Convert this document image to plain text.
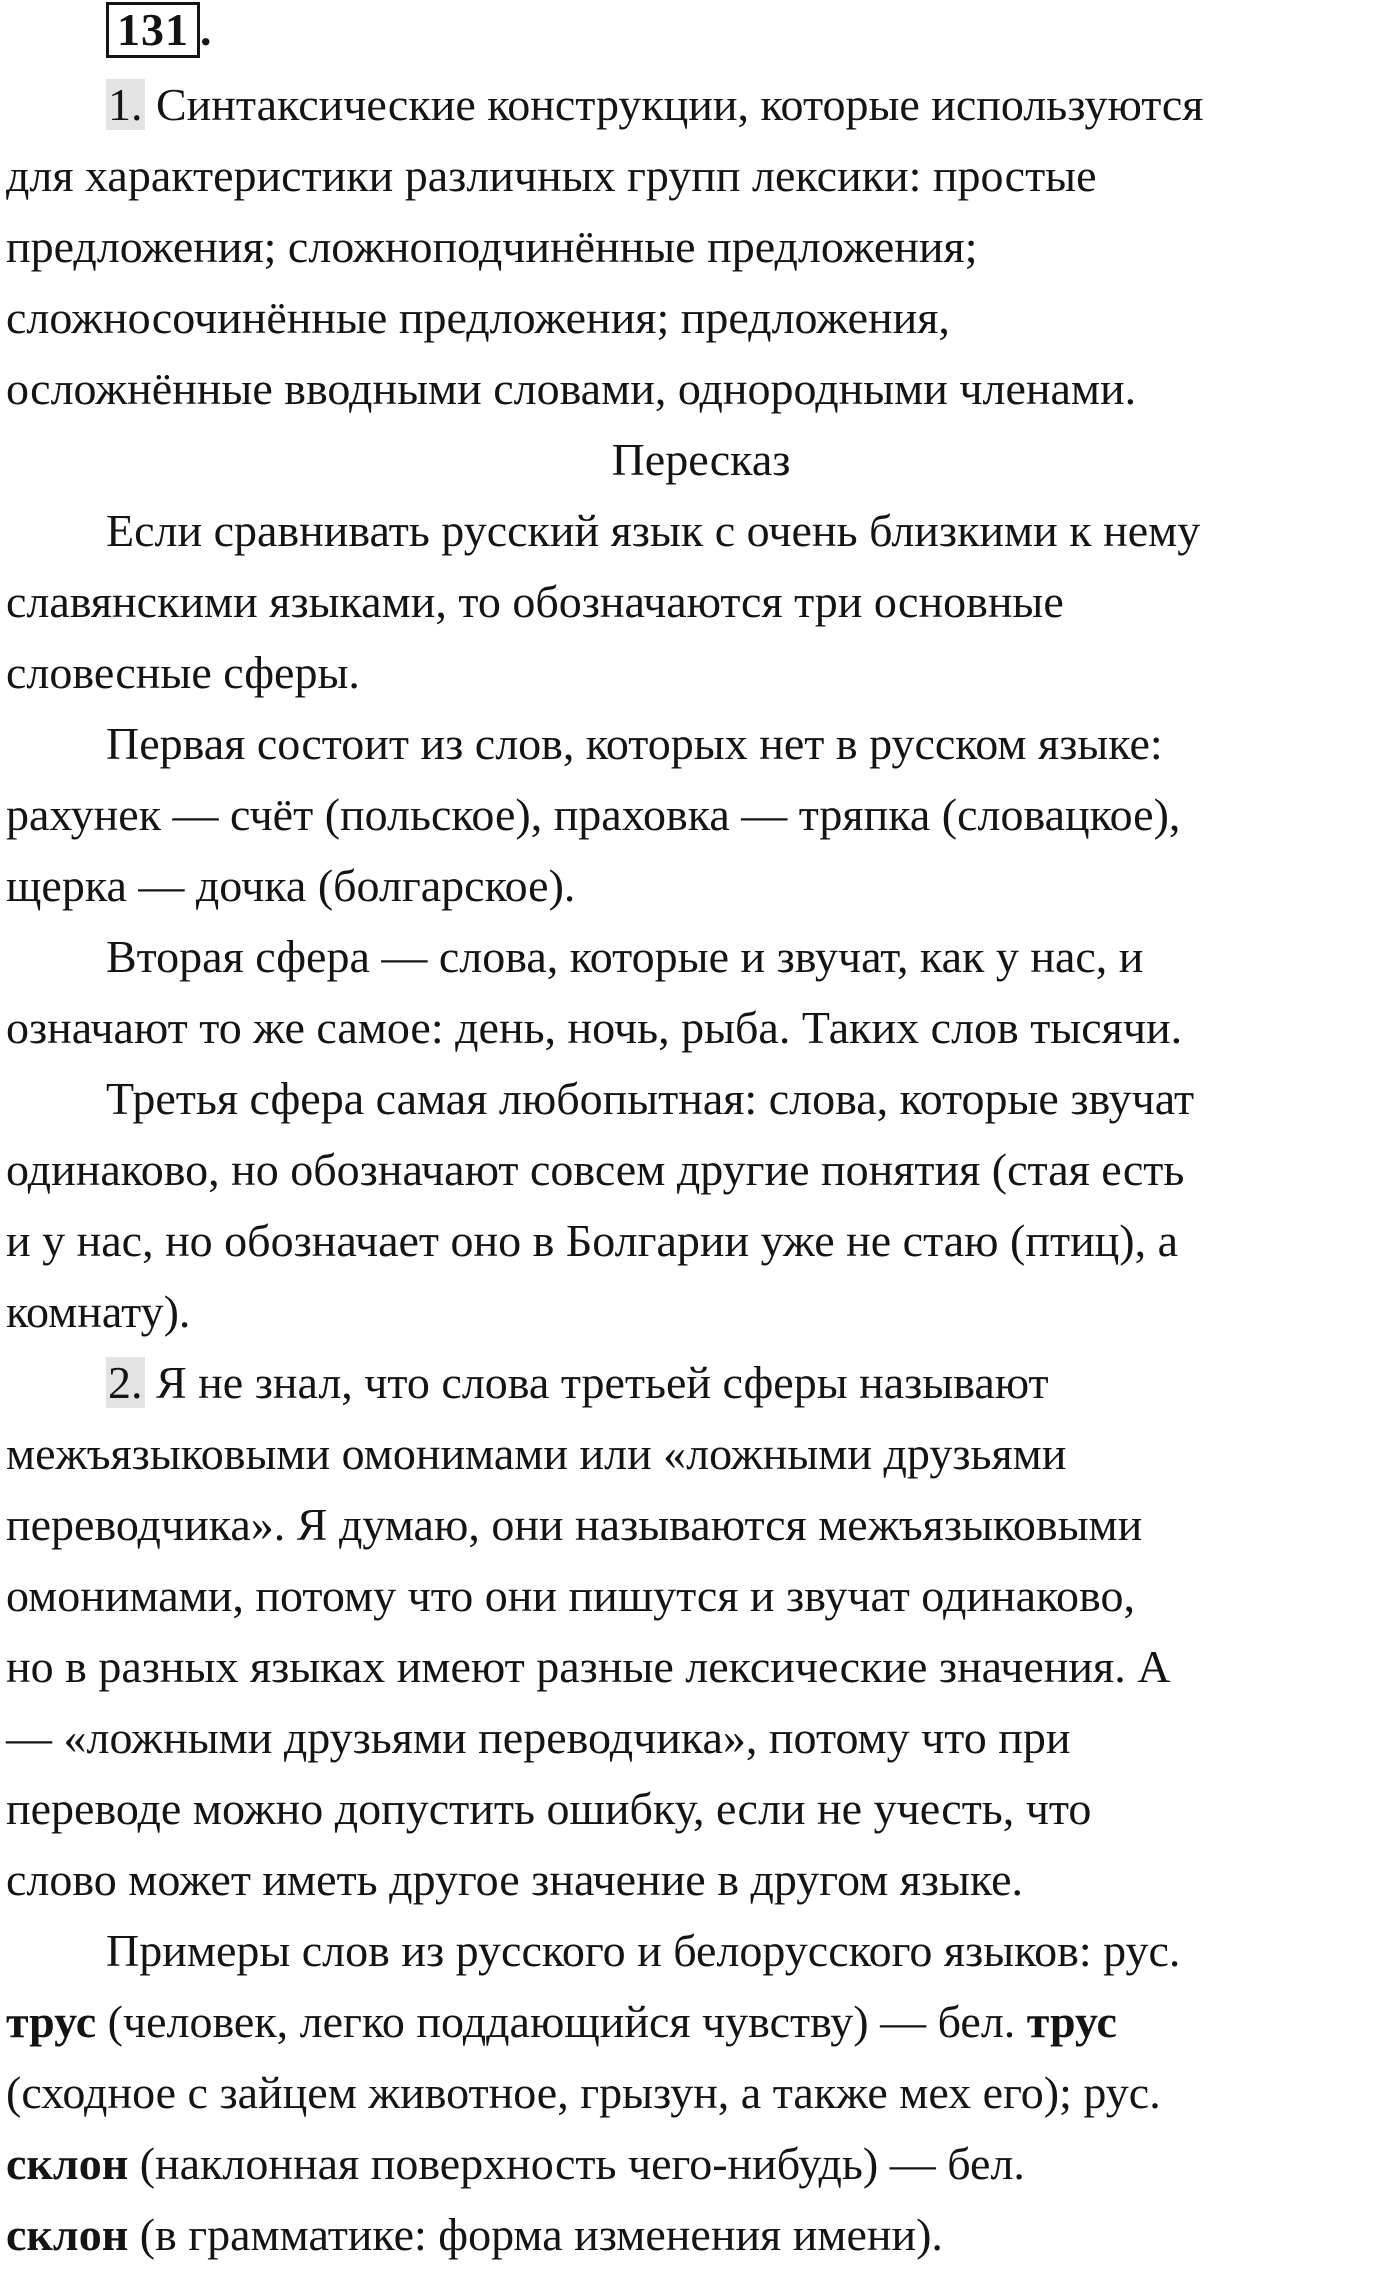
131 .
1. Синтаксические конструкции, которые используются
для характеристики различных групп лексики: простые
предложения; сложноподчинённые предложения;
сложносочинённые предложения; предложения,
осложнённые вводными словами, однородными членами.
Пересказ
Если сравнивать русский язык с очень близкими к нему
славянскими языками, то обозначаются три основные
словесные сферы.
Первая состоит из слов, которых нет в русском языке:
рахунек — счёт (польское), праховка — тряпка (словацкое),
щерка — дочка (болгарское).
Вторая сфера — слова, которые и звучат, как у нас, и
означают то же самое: день, ночь, рыба. Таких слов тысячи.
Третья сфера самая любопытная: слова, которые звучат
одинаково, но обозначают совсем другие понятия (стая есть
и у нас, но обозначает оно в Болгарии уже не стаю (птиц), а
комнату).
2. Я не знал, что слова третьей сферы называют
межъязыковыми омонимами или «ложными друзьями
переводчика». Я думаю, они называются межъязыковыми
омонимами, потому что они пишутся и звучат одинаково,
но в разных языках имеют разные лексические значения. А
— «ложными друзьями переводчика», потому что при
переводе можно допустить ошибку, если не учесть, что
слово может иметь другое значение в другом языке.
Примеры слов из русского и белорусского языков: рус.
трус (человек, легко поддающийся чувству) — бел. трус
(сходное с зайцем животное, грызун, а также мех его); рус.
склон (наклонная поверхность чего-нибудь) — бел.
склон (в грамматике: форма изменения имени).
